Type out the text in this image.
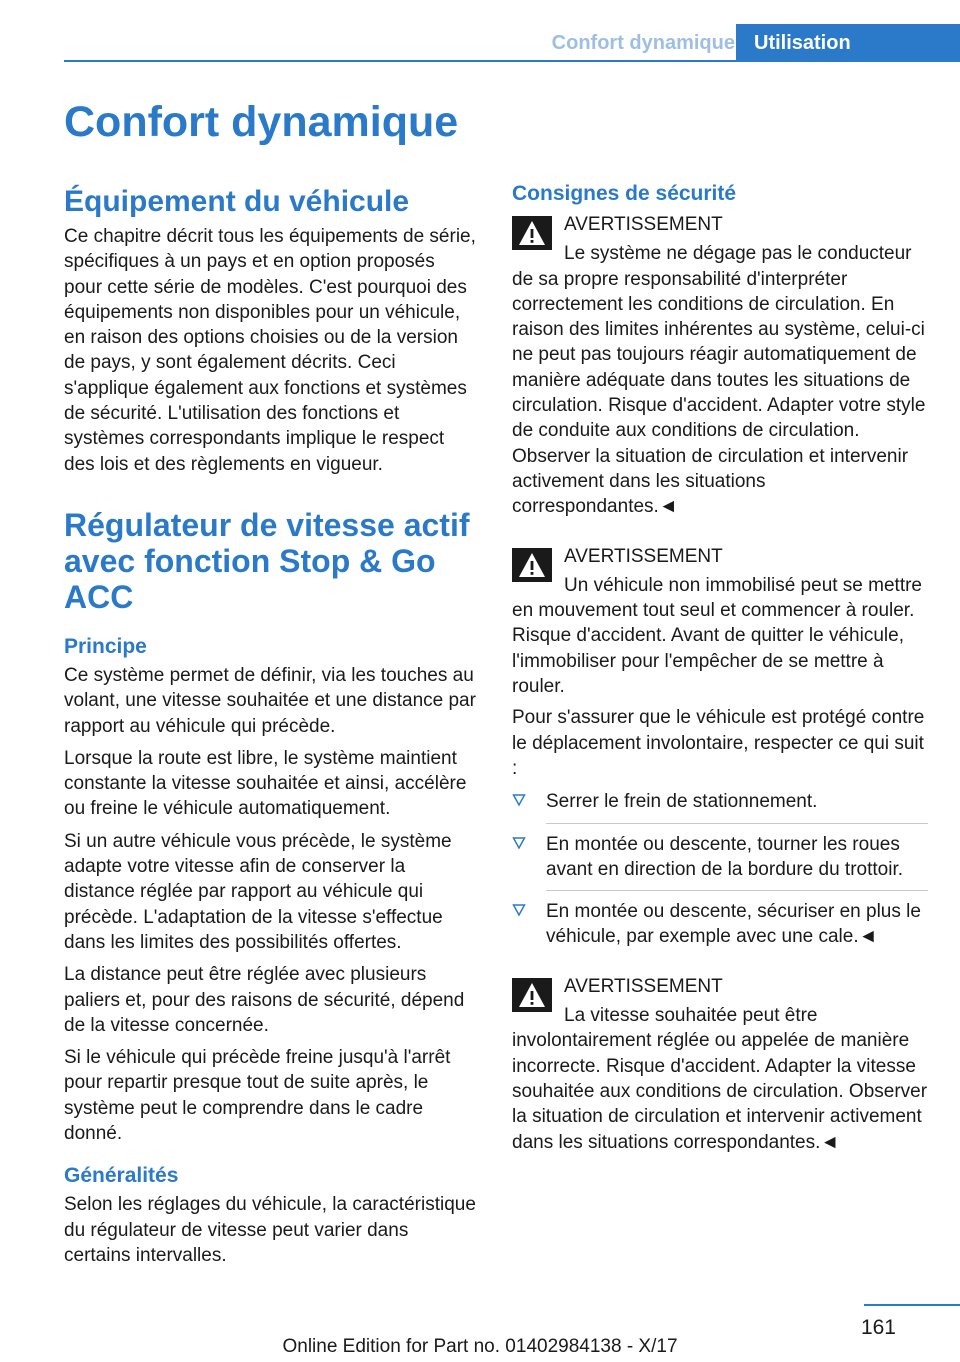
Confort dynamique Utilisation
Confort dynamique
Équipement du véhicule

Ce chapitre décrit tous les équipements de série, spécifiques à un pays et en option proposés pour cette série de modèles. C'est pourquoi des équipements non disponibles pour un véhicule, en raison des options choisies ou de la version de pays, y sont également décrits. Ceci s'applique également aux fonctions et systèmes de sécurité. L'utilisation des fonctions et systèmes correspondants implique le respect des lois et des règlements en vigueur.

Régulateur de vitesse actif avec fonction Stop & Go ACC
Principe

Ce système permet de définir, via les touches au volant, une vitesse souhaitée et une distance par rapport au véhicule qui précède.

Lorsque la route est libre, le système maintient constante la vitesse souhaitée et ainsi, accélère ou freine le véhicule automatiquement.

Si un autre véhicule vous précède, le système adapte votre vitesse afin de conserver la distance réglée par rapport au véhicule qui précède. L'adaptation de la vitesse s'effectue dans les limites des possibilités offertes.

La distance peut être réglée avec plusieurs paliers et, pour des raisons de sécurité, dépend de la vitesse concernée.

Si le véhicule qui précède freine jusqu'à l'arrêt pour repartir presque tout de suite après, le système peut le comprendre dans le cadre donné.

Généralités

Selon les réglages du véhicule, la caractéristique du régulateur de vitesse peut varier dans certains intervalles.

Consignes de sécurité
AVERTISSEMENT

Le système ne dégage pas le conducteur de sa propre responsabilité d'interpréter correctement les conditions de circulation. En raison des limites inhérentes au système, celui-ci ne peut pas toujours réagir automatiquement de manière adéquate dans toutes les situations de circulation. Risque d'accident. Adapter votre style de conduite aux conditions de circulation. Observer la situation de circulation et intervenir activement dans les situations correspondantes.◄

AVERTISSEMENT

Un véhicule non immobilisé peut se mettre en mouvement tout seul et commencer à rouler. Risque d'accident. Avant de quitter le véhicule, l'immobiliser pour l'empêcher de se mettre à rouler.

Pour s'assurer que le véhicule est protégé contre le déplacement involontaire, respecter ce qui suit :

Serrer le frein de stationnement.
En montée ou descente, tourner les roues avant en direction de la bordure du trottoir.
En montée ou descente, sécuriser en plus le véhicule, par exemple avec une cale.◄
AVERTISSEMENT

La vitesse souhaitée peut être involontairement réglée ou appelée de manière incorrecte. Risque d'accident. Adapter la vitesse souhaitée aux conditions de circulation. Observer la situation de circulation et intervenir activement dans les situations correspondantes.◄

161
Online Edition for Part no. 01402984138 - X/17
